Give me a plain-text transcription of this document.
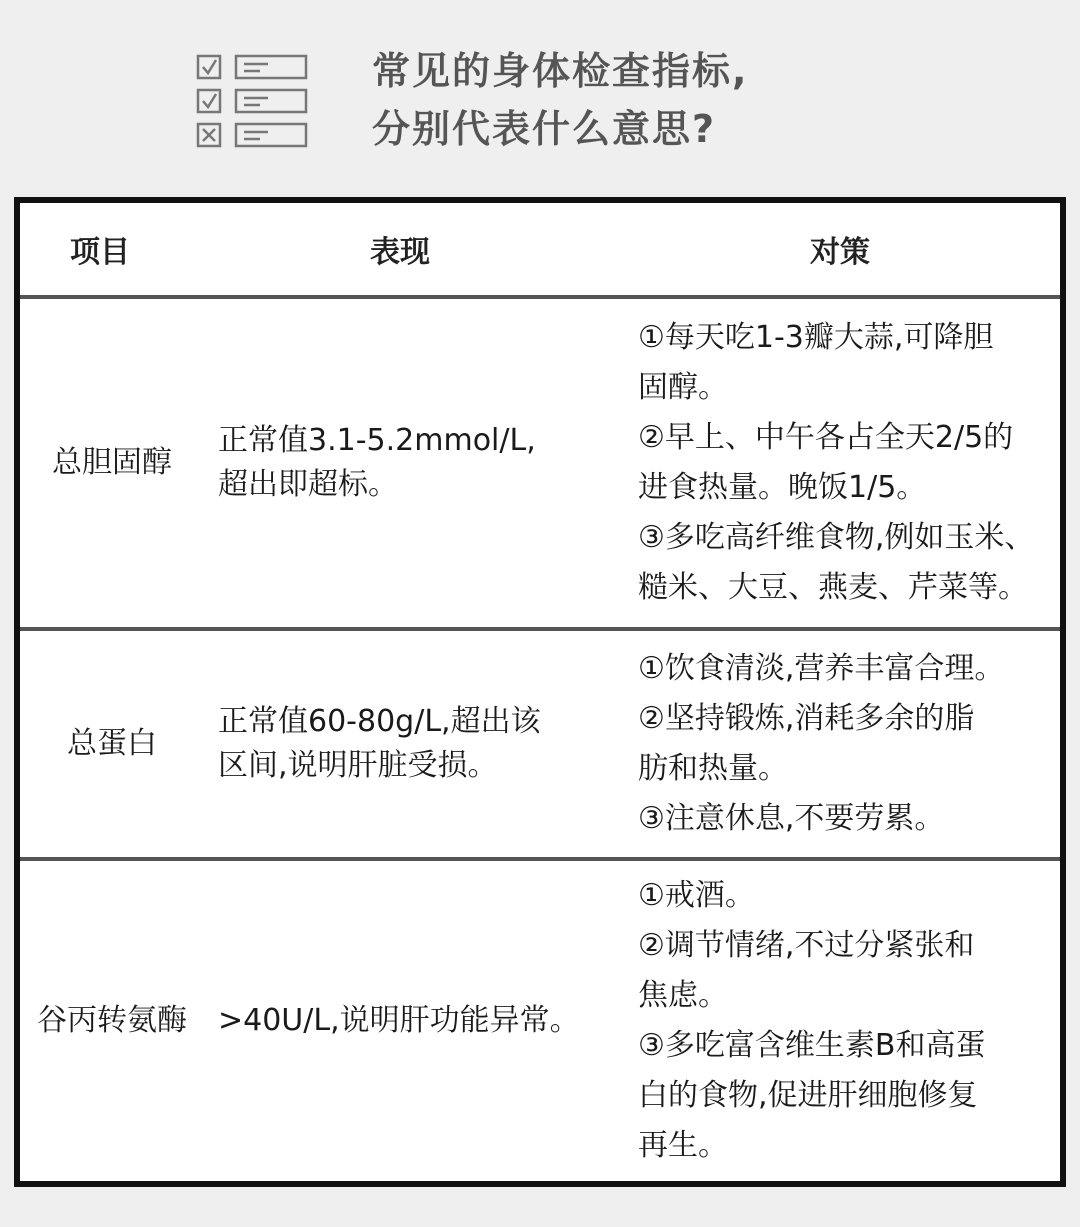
常见的身体检查指标,
分别代表什么意思?
项目	表现	对策
总胆固醇
正常值3.1-5.2mmol/L,
超出即超标。
①每天吃1-3瓣大蒜,可降胆
固醇。
②早上、中午各占全天2/5的
进食热量。晚饭1/5。
③多吃高纤维食物,例如玉米、
糙米、大豆、燕麦、芹菜等。
总蛋白
正常值60-80g/L,超出该
区间,说明肝脏受损。
①饮食清淡,营养丰富合理。
②坚持锻炼,消耗多余的脂
肪和热量。
③注意休息,不要劳累。
谷丙转氨酶 >40U/L,说明肝功能异常。
①戒酒。
②调节情绪,不过分紧张和
焦虑。
③多吃富含维生素B和高蛋
白的食物,促进肝细胞修复
再生。
